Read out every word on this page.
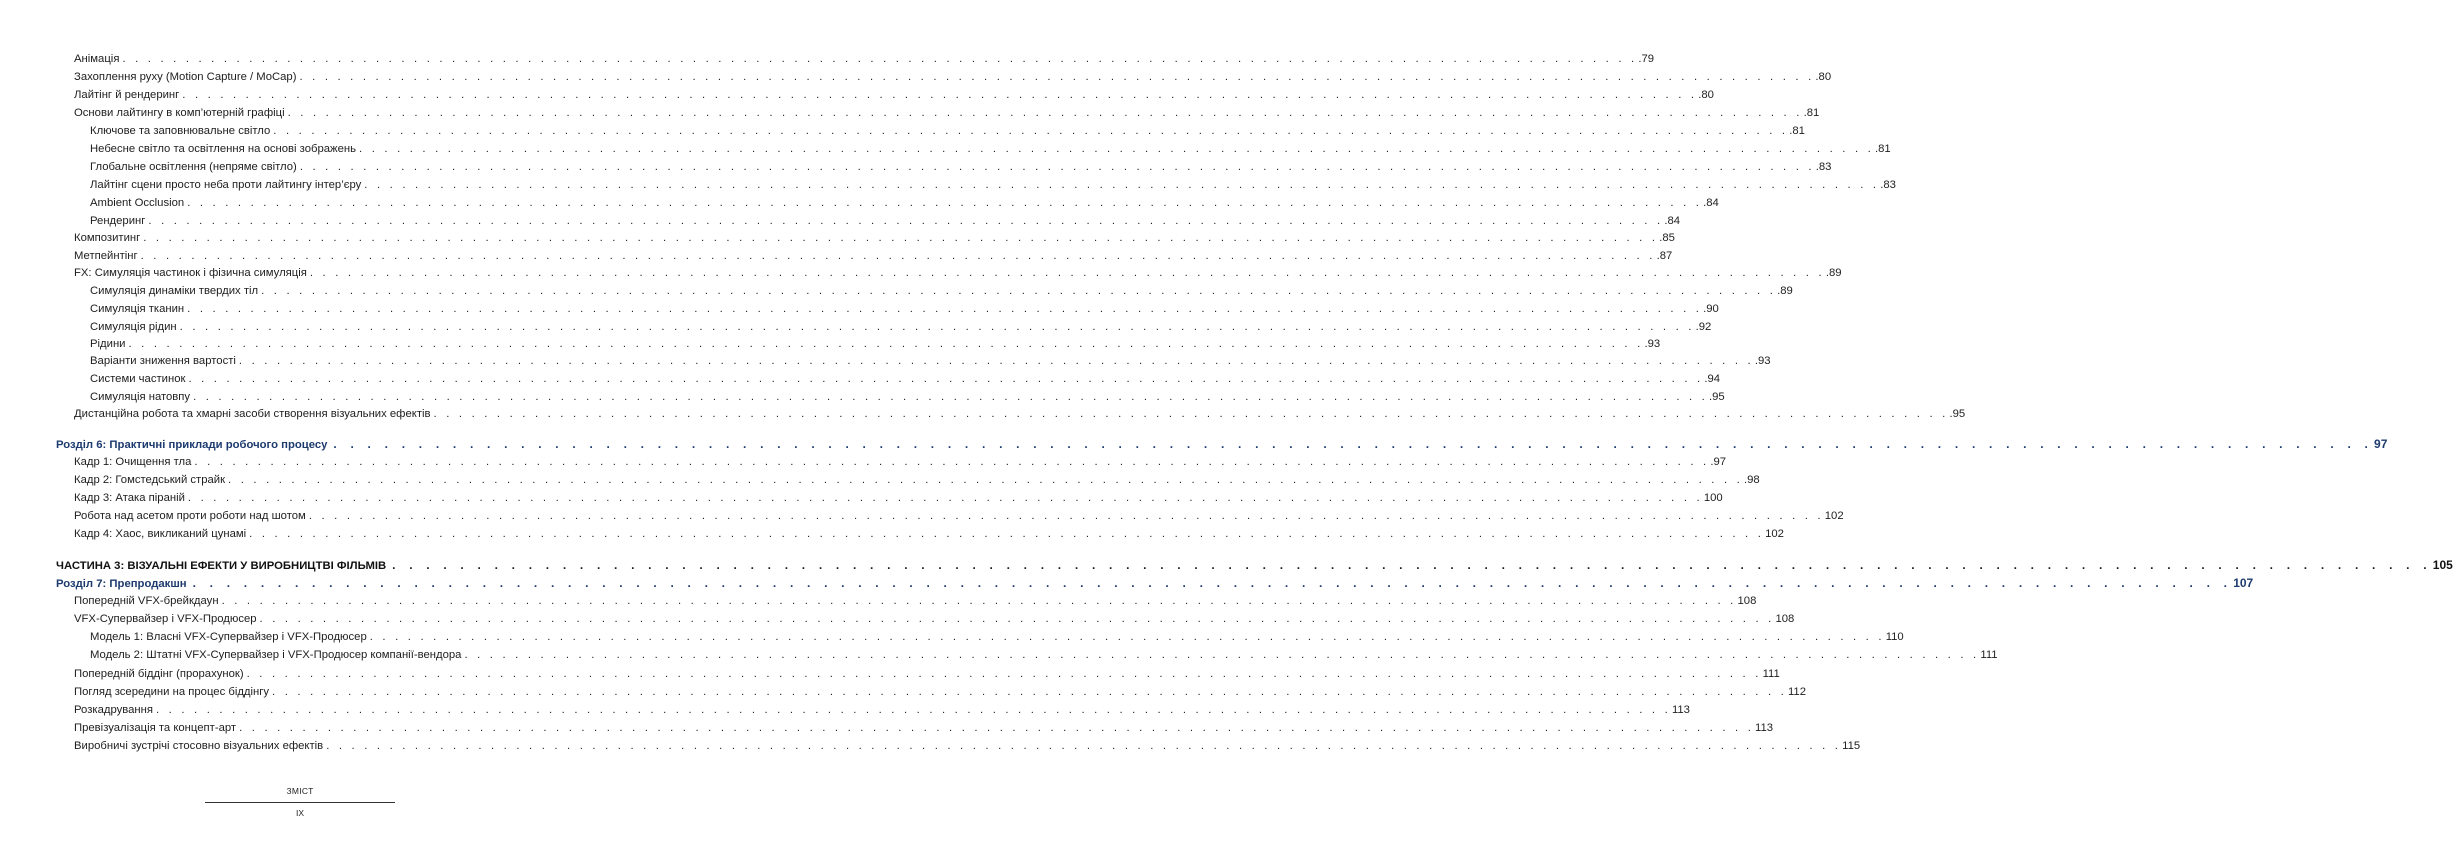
Анімація . . . . . . . . . . . . . . . . . . . . . . . . . . . . . . . . . . . . . . . . . . . . . . . . . . . . . . . . . . . . . . . . . . . . . . . . . . . . . . . . . . . . . . . . . . . . . . . . . . . . . . . . . . . . . . . . . . . . . . . . .79
Захоплення руху (Motion Capture / MoCap) . . . . . . . . . . . . . . . . . . . . . . . . . . . . . . . . . . . . . . . . . . . . . . . . . . . . . . . . . . . . . . . . . . . . . . . . . . . . . . . . . . . . . . . . . . . . . . . . . . . . . . . . . . . . . . . . . . . . . . . . .80
Лайтінг й рендеринг . . . . . . . . . . . . . . . . . . . . . . . . . . . . . . . . . . . . . . . . . . . . . . . . . . . . . . . . . . . . . . . . . . . . . . . . . . . . . . . . . . . . . . . . . . . . . . . . . . . . . . . . . . . . . . . . . . . . . . . . .80
Основи лайтингу в комп’ютерній графіці . . . . . . . . . . . . . . . . . . . . . . . . . . . . . . . . . . . . . . . . . . . . . . . . . . . . . . . . . . . . . . . . . . . . . . . . . . . . . . . . . . . . . . . . . . . . . . . . . . . . . . . . . . . . . . . . . . . . . . . . .81
Ключове та заповнювальне світло . . . . . . . . . . . . . . . . . . . . . . . . . . . . . . . . . . . . . . . . . . . . . . . . . . . . . . . . . . . . . . . . . . . . . . . . . . . . . . . . . . . . . . . . . . . . . . . . . . . . . . . . . . . . . . . . . . . . . . . . .81
Небесне світло та освітлення на основі зображень . . . . . . . . . . . . . . . . . . . . . . . . . . . . . . . . . . . . . . . . . . . . . . . . . . . . . . . . . . . . . . . . . . . . . . . . . . . . . . . . . . . . . . . . . . . . . . . . . . . . . . . . . . . . . . . . . . . . . . . . .81
Глобальне освітлення (непряме світло) . . . . . . . . . . . . . . . . . . . . . . . . . . . . . . . . . . . . . . . . . . . . . . . . . . . . . . . . . . . . . . . . . . . . . . . . . . . . . . . . . . . . . . . . . . . . . . . . . . . . . . . . . . . . . . . . . . . . . . . . .83
Лайтінг сцени просто неба проти лайтингу інтер’єру . . . . . . . . . . . . . . . . . . . . . . . . . . . . . . . . . . . . . . . . . . . . . . . . . . . . . . . . . . . . . . . . . . . . . . . . . . . . . . . . . . . . . . . . . . . . . . . . . . . . . . . . . . . . . . . . . . . . . . . . .83
Ambient Occlusion . . . . . . . . . . . . . . . . . . . . . . . . . . . . . . . . . . . . . . . . . . . . . . . . . . . . . . . . . . . . . . . . . . . . . . . . . . . . . . . . . . . . . . . . . . . . . . . . . . . . . . . . . . . . . . . . . . . . . . . . .84
Рендеринг . . . . . . . . . . . . . . . . . . . . . . . . . . . . . . . . . . . . . . . . . . . . . . . . . . . . . . . . . . . . . . . . . . . . . . . . . . . . . . . . . . . . . . . . . . . . . . . . . . . . . . . . . . . . . . . . . . . . . . . . .84
Композитинг . . . . . . . . . . . . . . . . . . . . . . . . . . . . . . . . . . . . . . . . . . . . . . . . . . . . . . . . . . . . . . . . . . . . . . . . . . . . . . . . . . . . . . . . . . . . . . . . . . . . . . . . . . . . . . . . . . . . . . . . .85
Метпейнтінг . . . . . . . . . . . . . . . . . . . . . . . . . . . . . . . . . . . . . . . . . . . . . . . . . . . . . . . . . . . . . . . . . . . . . . . . . . . . . . . . . . . . . . . . . . . . . . . . . . . . . . . . . . . . . . . . . . . . . . . . .87
FX: Симуляція частинок і фізична симуляція . . . . . . . . . . . . . . . . . . . . . . . . . . . . . . . . . . . . . . . . . . . . . . . . . . . . . . . . . . . . . . . . . . . . . . . . . . . . . . . . . . . . . . . . . . . . . . . . . . . . . . . . . . . . . . . . . . . . . . . . .89
Симуляція динаміки твердих тіл . . . . . . . . . . . . . . . . . . . . . . . . . . . . . . . . . . . . . . . . . . . . . . . . . . . . . . . . . . . . . . . . . . . . . . . . . . . . . . . . . . . . . . . . . . . . . . . . . . . . . . . . . . . . . . . . . . . . . . . . .89
Симуляція тканин . . . . . . . . . . . . . . . . . . . . . . . . . . . . . . . . . . . . . . . . . . . . . . . . . . . . . . . . . . . . . . . . . . . . . . . . . . . . . . . . . . . . . . . . . . . . . . . . . . . . . . . . . . . . . . . . . . . . . . . . .90
Симуляція рідин . . . . . . . . . . . . . . . . . . . . . . . . . . . . . . . . . . . . . . . . . . . . . . . . . . . . . . . . . . . . . . . . . . . . . . . . . . . . . . . . . . . . . . . . . . . . . . . . . . . . . . . . . . . . . . . . . . . . . . . . .92
Рідини . . . . . . . . . . . . . . . . . . . . . . . . . . . . . . . . . . . . . . . . . . . . . . . . . . . . . . . . . . . . . . . . . . . . . . . . . . . . . . . . . . . . . . . . . . . . . . . . . . . . . . . . . . . . . . . . . . . . . . . . .93
Варіанти зниження вартості . . . . . . . . . . . . . . . . . . . . . . . . . . . . . . . . . . . . . . . . . . . . . . . . . . . . . . . . . . . . . . . . . . . . . . . . . . . . . . . . . . . . . . . . . . . . . . . . . . . . . . . . . . . . . . . . . . . . . . . . .93
Системи частинок . . . . . . . . . . . . . . . . . . . . . . . . . . . . . . . . . . . . . . . . . . . . . . . . . . . . . . . . . . . . . . . . . . . . . . . . . . . . . . . . . . . . . . . . . . . . . . . . . . . . . . . . . . . . . . . . . . . . . . . . .94
Симуляція натовпу . . . . . . . . . . . . . . . . . . . . . . . . . . . . . . . . . . . . . . . . . . . . . . . . . . . . . . . . . . . . . . . . . . . . . . . . . . . . . . . . . . . . . . . . . . . . . . . . . . . . . . . . . . . . . . . . . . . . . . . . .95
Дистанційна робота та хмарні засоби створення візуальних ефектів . . . . . . . . . . . . . . . . . . . . . . . . . . . . . . . . . . . . . . . . . . . . . . . . . . . . . . . . . . . . . . . . . . . . . . . . . . . . . . . . . . . . . . . . . . . . . . . . . . . . . . . . . . . . . . . . . . . . . . . . .95
Розділ 6: Практичні приклади робочого процесу . . . . . . . . . . . . . . . . . . . . . . . . . . . . . . . . . . . . . . . . . . . . . . . . . . . . . . . . . . . . . . . . . . . . . . . . . . . . . . . . . . . . . . . . . . . . . . . . . . . . . . . . . . . . . . . . . . . . . . . . 97
Кадр 1: Очищення тла . . . . . . . . . . . . . . . . . . . . . . . . . . . . . . . . . . . . . . . . . . . . . . . . . . . . . . . . . . . . . . . . . . . . . . . . . . . . . . . . . . . . . . . . . . . . . . . . . . . . . . . . . . . . . . . . . . . . . . . . .97
Кадр 2: Гомстедський страйк . . . . . . . . . . . . . . . . . . . . . . . . . . . . . . . . . . . . . . . . . . . . . . . . . . . . . . . . . . . . . . . . . . . . . . . . . . . . . . . . . . . . . . . . . . . . . . . . . . . . . . . . . . . . . . . . . . . . . . . . .98
Кадр 3: Атака піраній . . . . . . . . . . . . . . . . . . . . . . . . . . . . . . . . . . . . . . . . . . . . . . . . . . . . . . . . . . . . . . . . . . . . . . . . . . . . . . . . . . . . . . . . . . . . . . . . . . . . . . . . . . . . . . . . . . . . . . . . 100
Робота над асетом проти роботи над шотом . . . . . . . . . . . . . . . . . . . . . . . . . . . . . . . . . . . . . . . . . . . . . . . . . . . . . . . . . . . . . . . . . . . . . . . . . . . . . . . . . . . . . . . . . . . . . . . . . . . . . . . . . . . . . . . . . . . . . . . . 102
Кадр 4: Хаос, викликаний цунамі . . . . . . . . . . . . . . . . . . . . . . . . . . . . . . . . . . . . . . . . . . . . . . . . . . . . . . . . . . . . . . . . . . . . . . . . . . . . . . . . . . . . . . . . . . . . . . . . . . . . . . . . . . . . . . . . . . . . . . . . 102
ЧАСТИНА 3: ВІЗУАЛЬНІ ЕФЕКТИ У ВИРОБНИЦТВІ ФІЛЬМІВ . . . . . . . . . . . . . . . . . . . . . . . . . . . . . . . . . . . . . . . . . . . . . . . . . . . . . . . . . . . . . . . . . . . . . . . . . . . . . . . . . . . . . . . . . . . . . . . . . . . . . . . . . . . . . . . . . . . . . . . . 105
Розділ 7: Препродакшн . . . . . . . . . . . . . . . . . . . . . . . . . . . . . . . . . . . . . . . . . . . . . . . . . . . . . . . . . . . . . . . . . . . . . . . . . . . . . . . . . . . . . . . . . . . . . . . . . . . . . . . . . . . . . . . . . . . . . . . . 107
Попередній VFX-брейкдаун . . . . . . . . . . . . . . . . . . . . . . . . . . . . . . . . . . . . . . . . . . . . . . . . . . . . . . . . . . . . . . . . . . . . . . . . . . . . . . . . . . . . . . . . . . . . . . . . . . . . . . . . . . . . . . . . . . . . . . . . 108
VFX-Супервайзер і VFX-Продюсер . . . . . . . . . . . . . . . . . . . . . . . . . . . . . . . . . . . . . . . . . . . . . . . . . . . . . . . . . . . . . . . . . . . . . . . . . . . . . . . . . . . . . . . . . . . . . . . . . . . . . . . . . . . . . . . . . . . . . . . . 108
Модель 1: Власні VFX-Супервайзер і VFX-Продюсер . . . . . . . . . . . . . . . . . . . . . . . . . . . . . . . . . . . . . . . . . . . . . . . . . . . . . . . . . . . . . . . . . . . . . . . . . . . . . . . . . . . . . . . . . . . . . . . . . . . . . . . . . . . . . . . . . . . . . . . . 110
Модель 2: Штатні VFX-Супервайзер і VFX-Продюсер компанії-вендора . . . . . . . . . . . . . . . . . . . . . . . . . . . . . . . . . . . . . . . . . . . . . . . . . . . . . . . . . . . . . . . . . . . . . . . . . . . . . . . . . . . . . . . . . . . . . . . . . . . . . . . . . . . . . . . . . . . . . . . . 111
Попередній біддінг (прорахунок) . . . . . . . . . . . . . . . . . . . . . . . . . . . . . . . . . . . . . . . . . . . . . . . . . . . . . . . . . . . . . . . . . . . . . . . . . . . . . . . . . . . . . . . . . . . . . . . . . . . . . . . . . . . . . . . . . . . . . . . . 111
Погляд зсередини на процес біддінгу . . . . . . . . . . . . . . . . . . . . . . . . . . . . . . . . . . . . . . . . . . . . . . . . . . . . . . . . . . . . . . . . . . . . . . . . . . . . . . . . . . . . . . . . . . . . . . . . . . . . . . . . . . . . . . . . . . . . . . . . 112
Розкадрування . . . . . . . . . . . . . . . . . . . . . . . . . . . . . . . . . . . . . . . . . . . . . . . . . . . . . . . . . . . . . . . . . . . . . . . . . . . . . . . . . . . . . . . . . . . . . . . . . . . . . . . . . . . . . . . . . . . . . . . . 113
Превізуалізація та концепт-арт . . . . . . . . . . . . . . . . . . . . . . . . . . . . . . . . . . . . . . . . . . . . . . . . . . . . . . . . . . . . . . . . . . . . . . . . . . . . . . . . . . . . . . . . . . . . . . . . . . . . . . . . . . . . . . . . . . . . . . . . 113
Виробничі зустрічі стосовно візуальних ефектів . . . . . . . . . . . . . . . . . . . . . . . . . . . . . . . . . . . . . . . . . . . . . . . . . . . . . . . . . . . . . . . . . . . . . . . . . . . . . . . . . . . . . . . . . . . . . . . . . . . . . . . . . . . . . . . . . . . . . . . . 115
ЗМІСТ
IX
